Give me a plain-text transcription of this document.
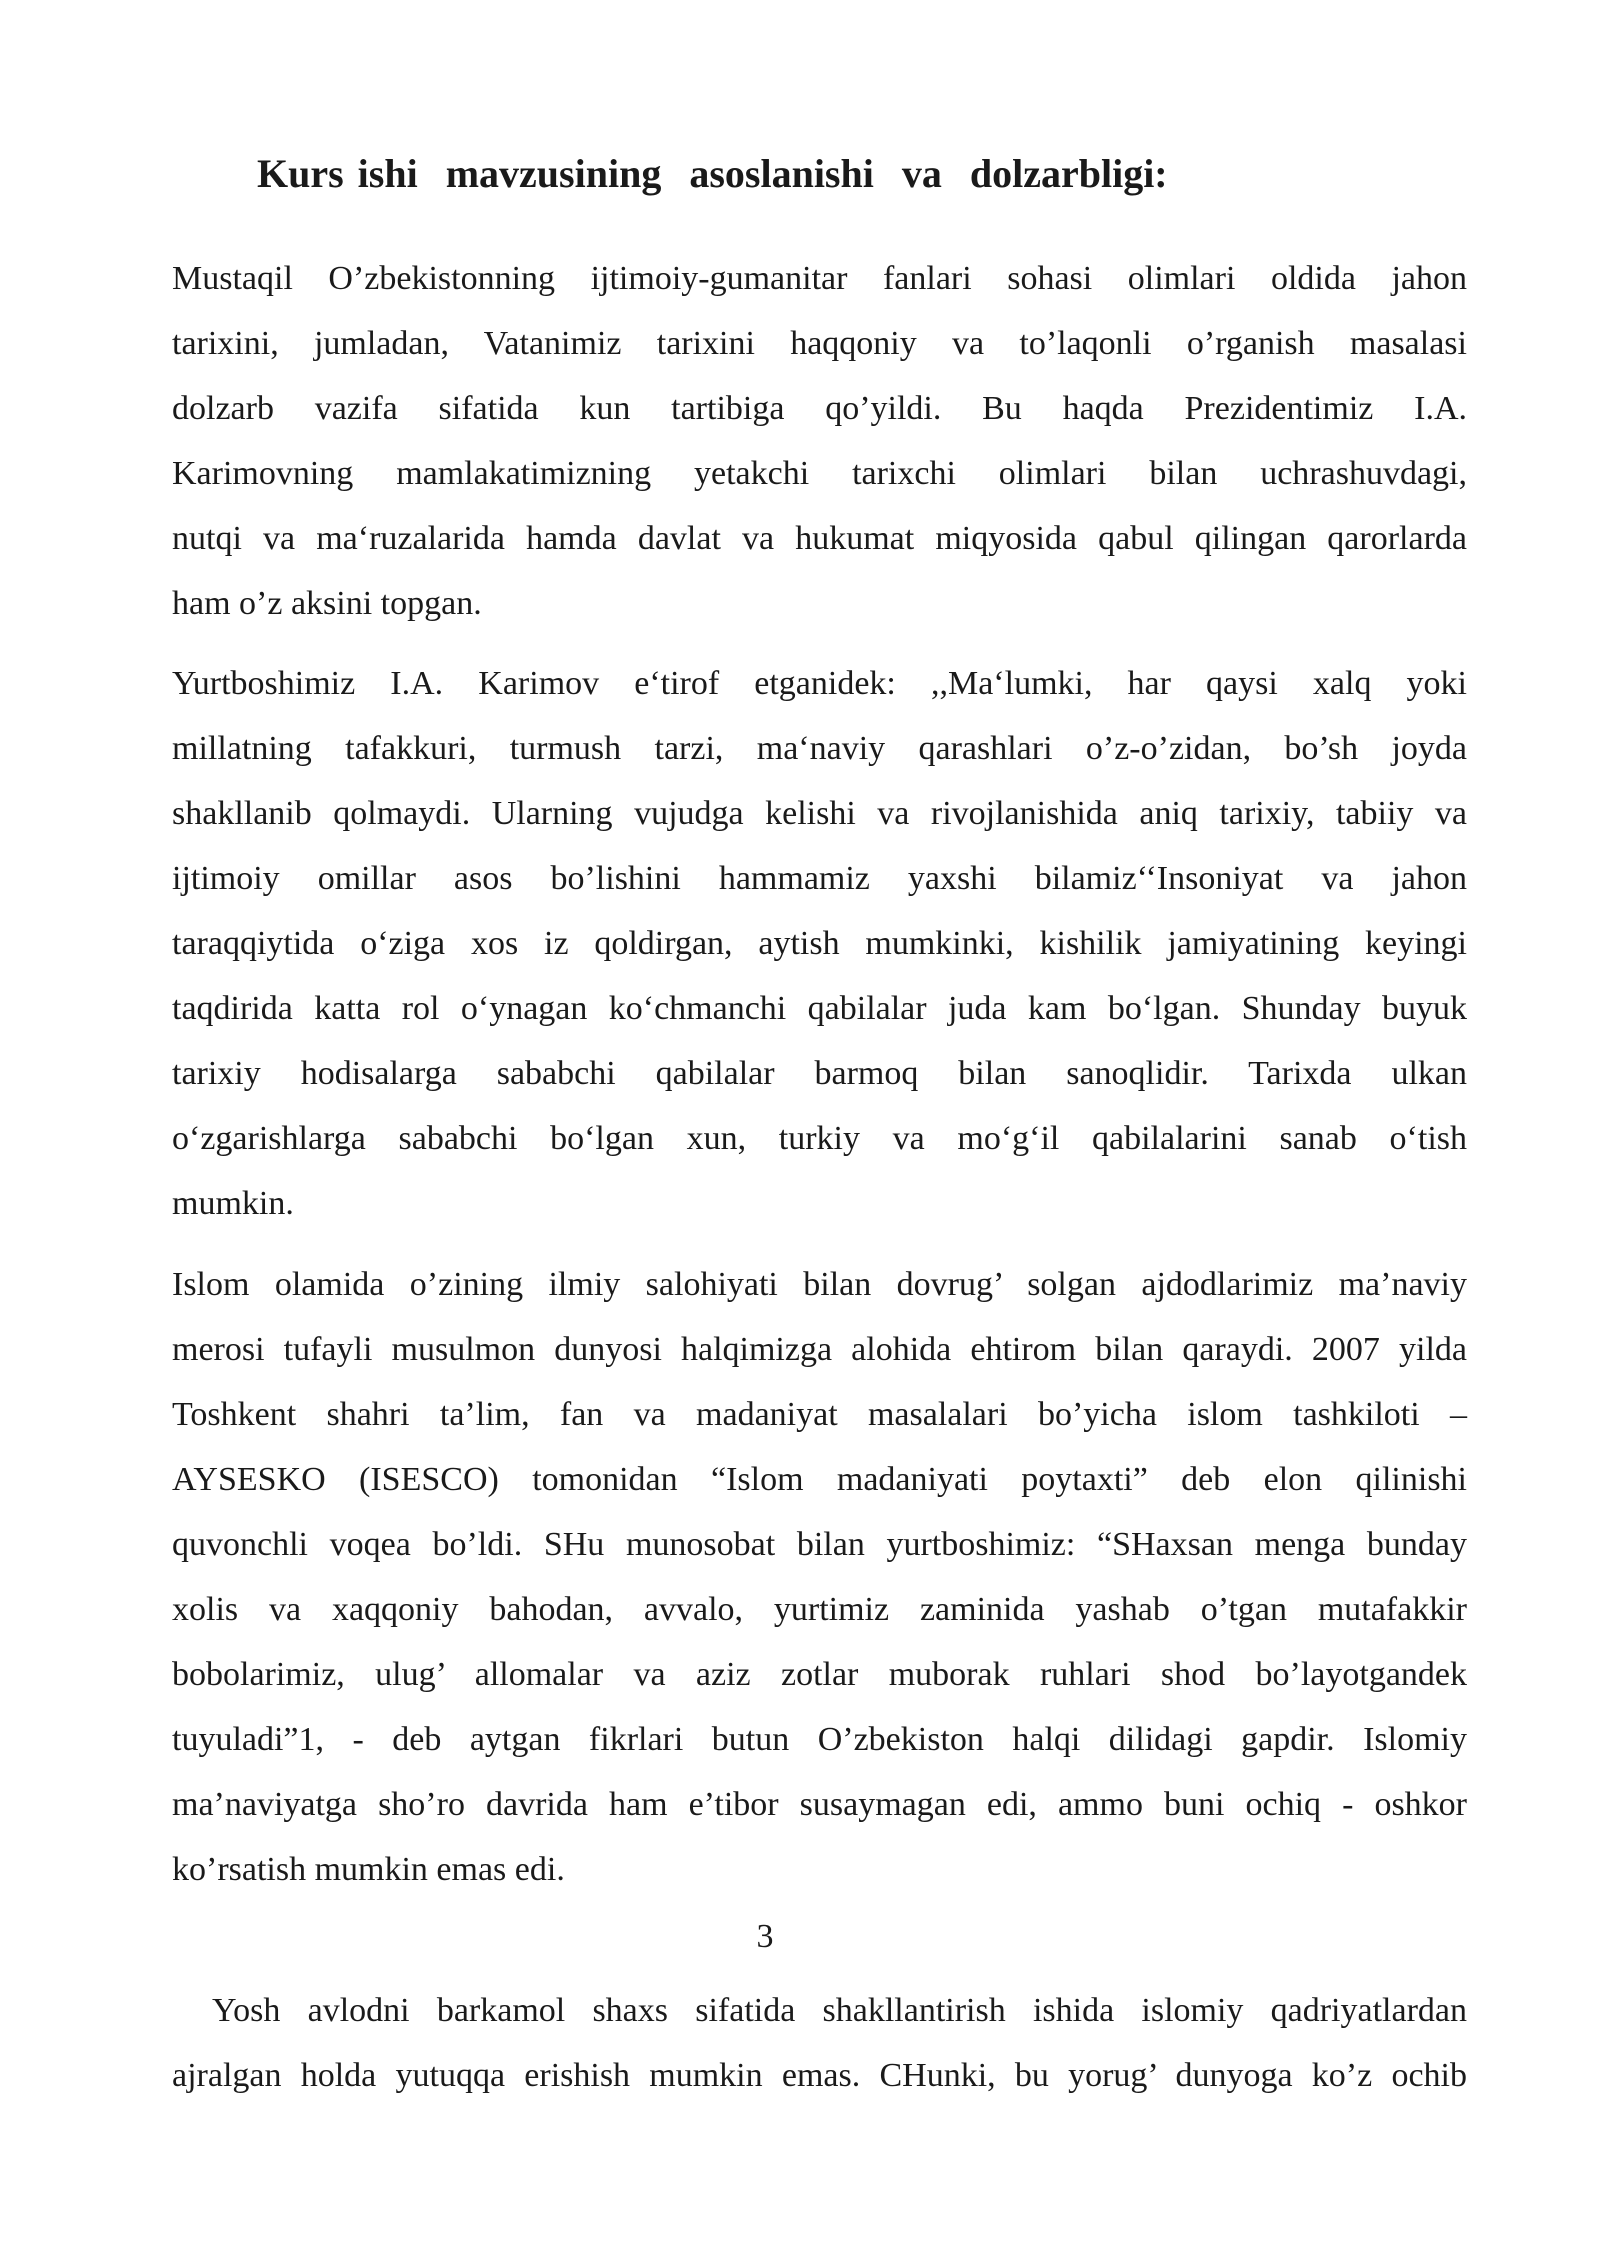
Kurs ishi  mavzusining  asoslanishi  va  dolzarbligi:
Mustaqil O’zbekistonning ijtimoiy-gumanitar fanlari sohasi olimlari oldida jahon
tarixini, jumladan, Vatanimiz tarixini haqqoniy va to’laqonli o’rganish masalasi
dolzarb vazifa sifatida kun tartibiga qo’yildi. Bu haqda Prezidentimiz I.A.
Karimovning mamlakatimizning yetakchi tarixchi olimlari bilan uchrashuvdagi,
nutqi va maʻruzalarida hamda davlat va hukumat miqyosida qabul qilingan qarorlarda
ham o’z aksini topgan.
Yurtboshimiz I.A. Karimov eʻtirof etganidek: ,,Maʻlumki, har qaysi xalq yoki
millatning tafakkuri, turmush tarzi, maʻnaviy qarashlari o’z-o’zidan, bo’sh joyda
shakllanib qolmaydi. Ularning vujudga kelishi va rivojlanishida aniq tarixiy, tabiiy va
ijtimoiy omillar asos bo’lishini hammamiz yaxshi bilamiz‘‘Insoniyat va jahon
taraqqiytida oʻziga xos iz qoldirgan, aytish mumkinki, kishilik jamiyatining keyingi
taqdirida katta rol oʻynagan koʻchmanchi qabilalar juda kam boʻlgan. Shunday buyuk
tarixiy hodisalarga sababchi qabilalar barmoq bilan sanoqlidir. Tarixda ulkan
oʻzgarishlarga sababchi boʻlgan xun, turkiy va moʻgʻil qabilalarini sanab oʻtish
mumkin.
Islom olamida o’zining ilmiy salohiyati bilan dovrug’ solgan ajdodlarimiz ma’naviy
merosi tufayli musulmon dunyosi halqimizga alohida ehtirom bilan qaraydi. 2007 yilda
Toshkent shahri ta’lim, fan va madaniyat masalalari bo’yicha islom tashkiloti –
AYSESKO (ISESCO) tomonidan “Islom madaniyati poytaxti” deb elon qilinishi
quvonchli voqea bo’ldi. SHu munosobat bilan yurtboshimiz: “SHaxsan menga bunday
xolis va xaqqoniy bahodan, avvalo, yurtimiz zaminida yashab o’tgan mutafakkir
bobolarimiz, ulug’ allomalar va aziz zotlar muborak ruhlari shod bo’layotgandek
tuyuladi”1, - deb aytgan fikrlari butun O’zbekiston halqi dilidagi gapdir. Islomiy
ma’naviyatga sho’ro davrida ham e’tibor susaymagan edi, ammo buni ochiq - oshkor
ko’rsatish mumkin emas edi.
3
Yosh avlodni barkamol shaxs sifatida shakllantirish ishida islomiy qadriyatlardan
ajralgan holda yutuqqa erishish mumkin emas. CHunki, bu yorug’ dunyoga ko’z ochib
